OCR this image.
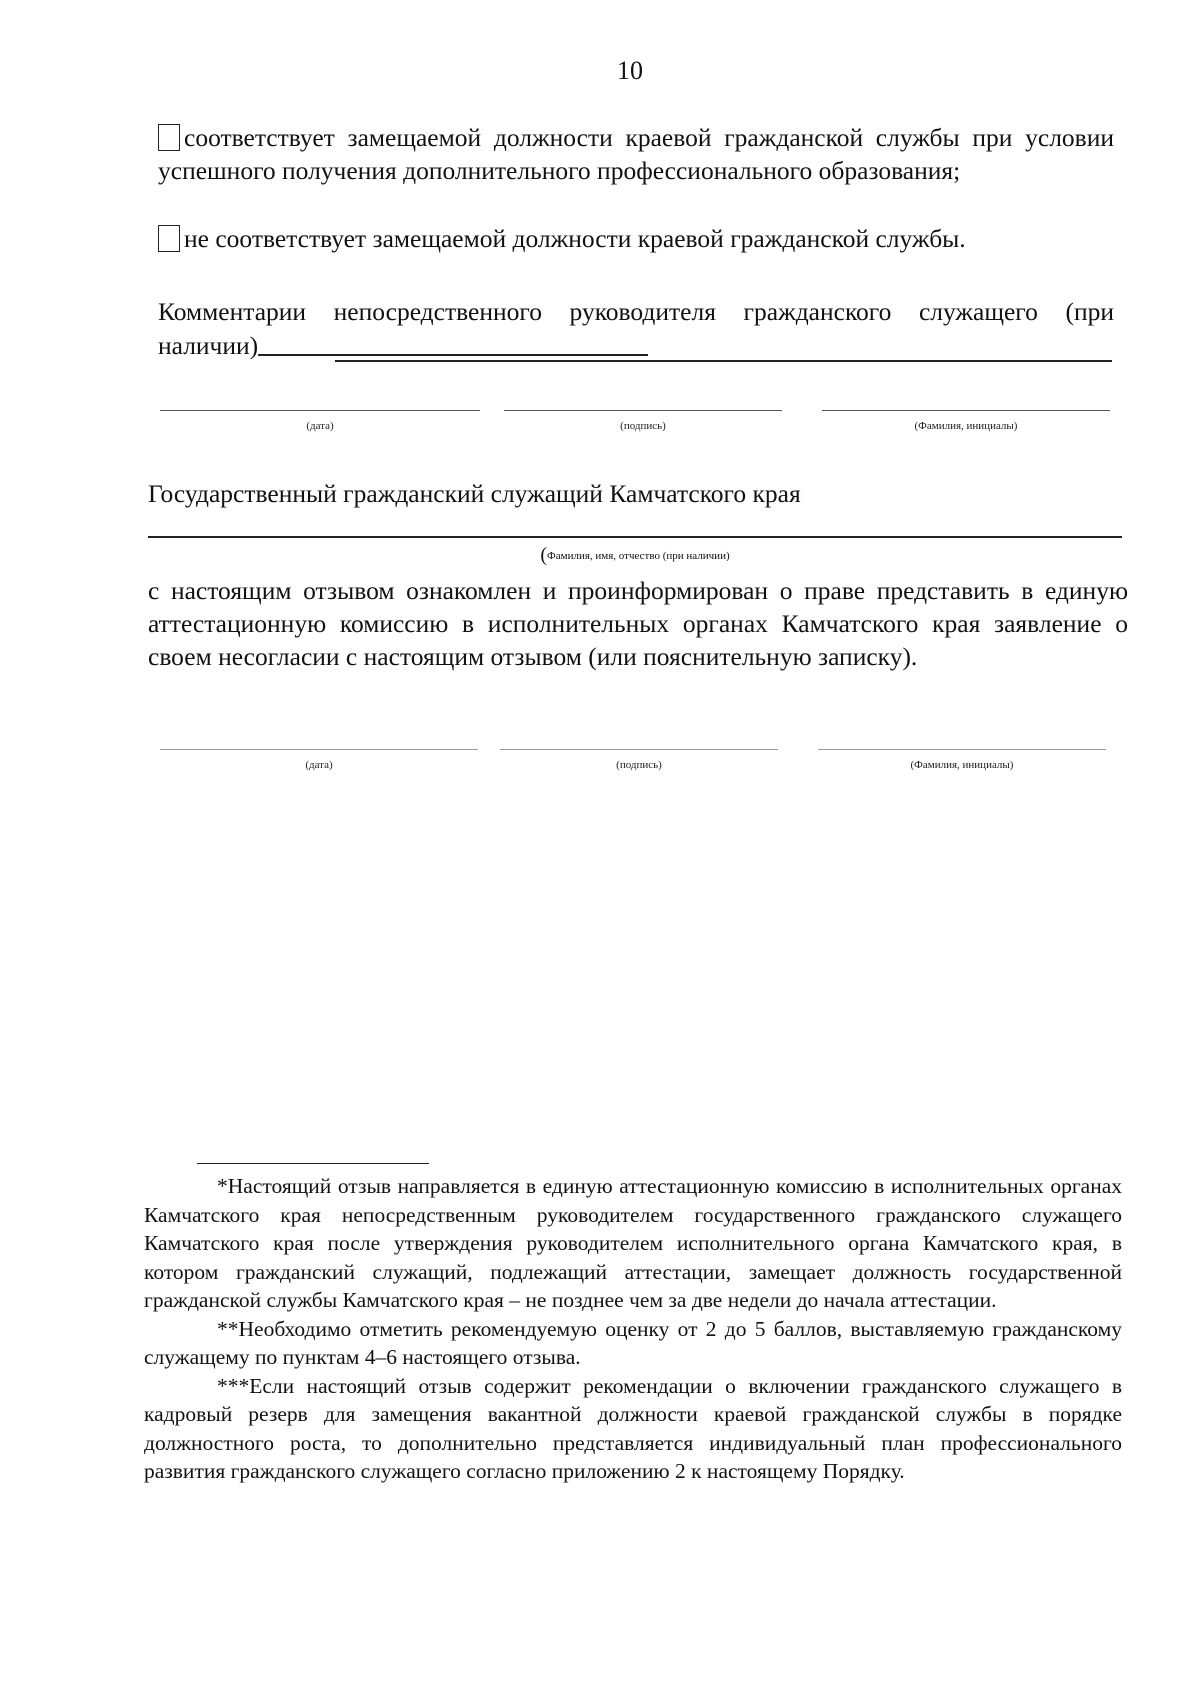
10
соответствует замещаемой должности краевой гражданской службы при условии успешного получения дополнительного профессионального образования;
не соответствует замещаемой должности краевой гражданской службы.
Комментарии непосредственного руководителя гражданского служащего (при наличии)
(дата)	(подпись)	(Фамилия, инициалы)
Государственный гражданский служащий Камчатского края
(Фамилия, имя, отчество (при наличии)
с настоящим отзывом ознакомлен и проинформирован о праве представить в единую аттестационную комиссию в исполнительных органах Камчатского края заявление о своем несогласии с настоящим отзывом (или пояснительную записку).
(дата)	(подпись)	(Фамилия, инициалы)

*Настоящий отзыв направляется в единую аттестационную комиссию в исполнительных органах Камчатского края непосредственным руководителем государственного гражданского служащего Камчатского края после утверждения руководителем исполнительного органа Камчатского края, в котором гражданский служащий, подлежащий аттестации, замещает должность государственной гражданской службы Камчатского края – не позднее чем за две недели до начала аттестации.

**Необходимо отметить рекомендуемую оценку от 2 до 5 баллов, выставляемую гражданскому служащему по пунктам 4–6 настоящего отзыва.

***Если настоящий отзыв содержит рекомендации о включении гражданского служащего в кадровый резерв для замещения вакантной должности краевой гражданской службы в порядке должностного роста, то дополнительно представляется индивидуальный план профессионального развития гражданского служащего согласно приложению 2 к настоящему Порядку.
